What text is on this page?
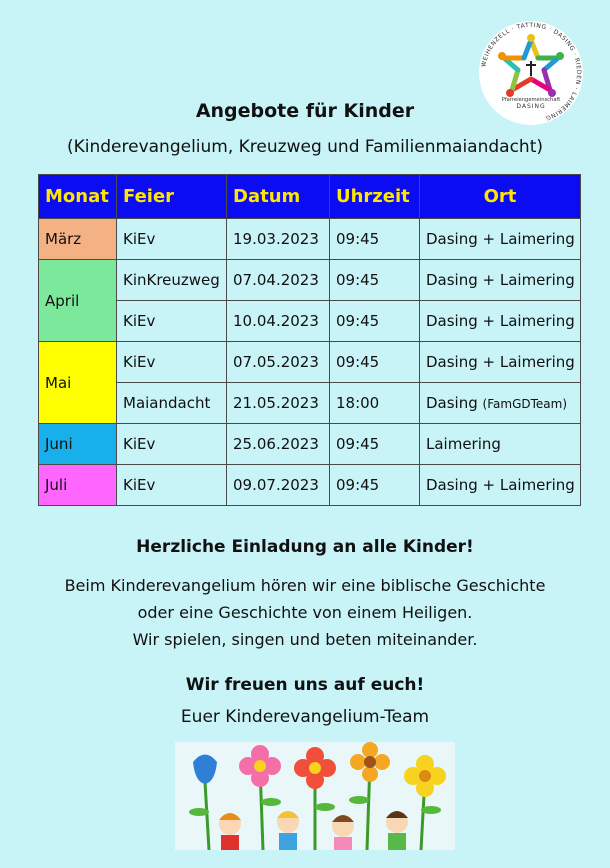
WEIHENZELL · TATTING · DASING · RIEDEN · LAIMERING
Pfarreiengemeinschaft
DASING
Angebote für Kinder
(Kinderevangelium, Kreuzweg und Familienmaiandacht)
Monat	Feier	Datum	Uhrzeit	Ort
März	KiEv	19.03.2023	09:45	Dasing + Laimering
April	KinKreuzweg	07.04.2023	09:45	Dasing + Laimering
	KiEv	10.04.2023	09:45	Dasing + Laimering
Mai	KiEv	07.05.2023	09:45	Dasing + Laimering
	Maiandacht	21.05.2023	18:00	Dasing (FamGDTeam)
Juni	KiEv	25.06.2023	09:45	Laimering
Juli	KiEv	09.07.2023	09:45	Dasing + Laimering
Herzliche Einladung an alle Kinder!
Beim Kinderevangelium hören wir eine biblische Geschichte
oder eine Geschichte von einem Heiligen.
Wir spielen, singen und beten miteinander.
Wir freuen uns auf euch!
Euer Kinderevangelium-Team
